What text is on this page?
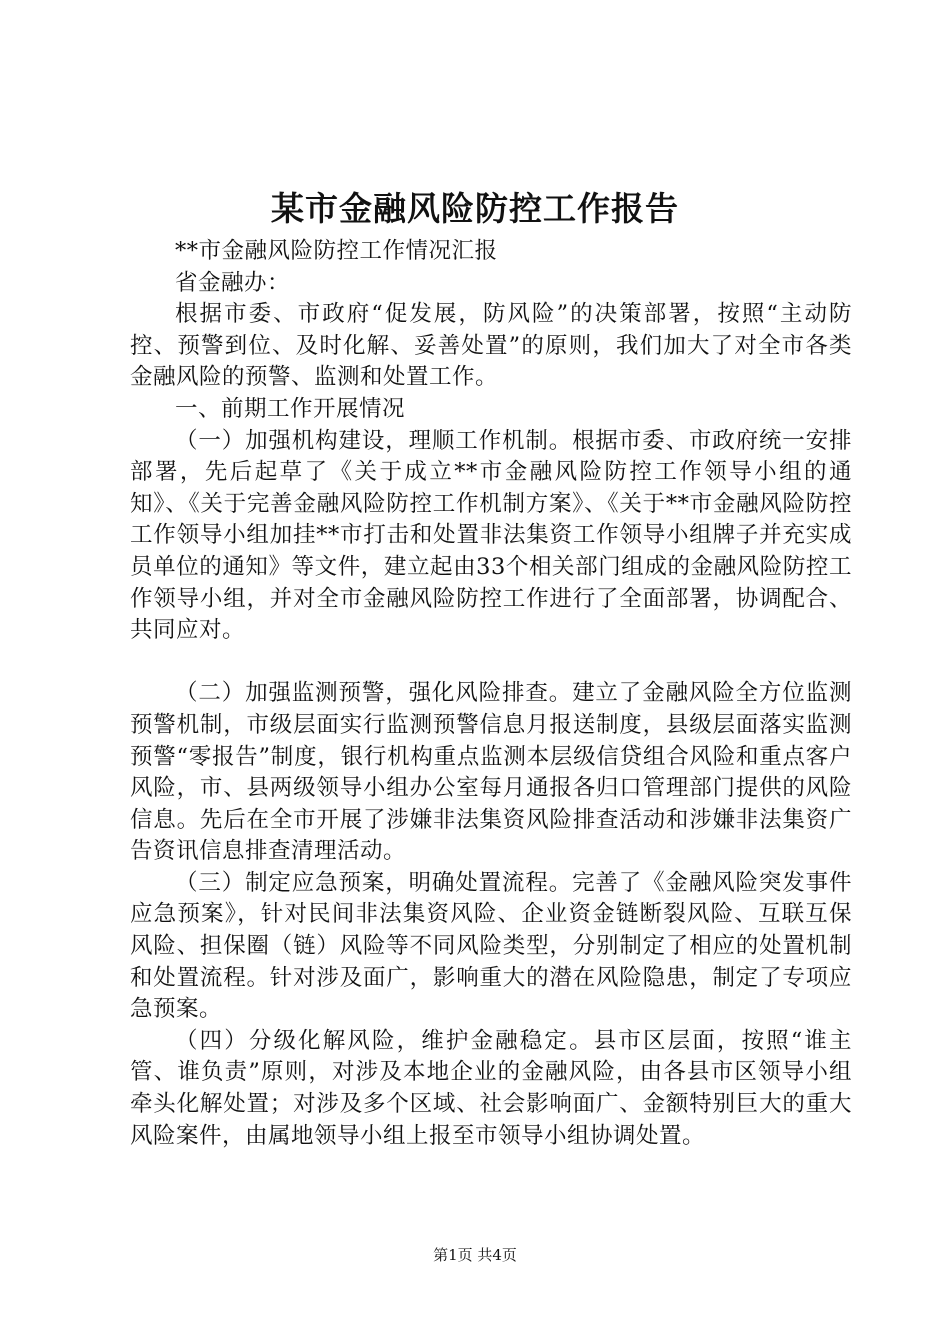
某市金融风险防控工作报告

**市金融风险防控工作情况汇报

省金融办：

根据市委、市政府“促发展，防风险”的决策部署，按照“主动防控、预警到位、及时化解、妥善处置”的原则，我们加大了对全市各类金融风险的预警、监测和处置工作。

一、前期工作开展情况

（一）加强机构建设，理顺工作机制。根据市委、市政府统一安排部署，先后起草了《关于成立**市金融风险防控工作领导小组的通知》、《关于完善金融风险防控工作机制方案》、《关于**市金融风险防控工作领导小组加挂**市打击和处置非法集资工作领导小组牌子并充实成员单位的通知》等文件，建立起由33个相关部门组成的金融风险防控工作领导小组，并对全市金融风险防控工作进行了全面部署，协调配合、共同应对。

（二）加强监测预警，强化风险排查。建立了金融风险全方位监测预警机制，市级层面实行监测预警信息月报送制度，县级层面落实监测预警“零报告”制度，银行机构重点监测本层级信贷组合风险和重点客户风险，市、县两级领导小组办公室每月通报各归口管理部门提供的风险信息。先后在全市开展了涉嫌非法集资风险排查活动和涉嫌非法集资广告资讯信息排查清理活动。

（三）制定应急预案，明确处置流程。完善了《金融风险突发事件应急预案》，针对民间非法集资风险、企业资金链断裂风险、互联互保风险、担保圈（链）风险等不同风险类型，分别制定了相应的处置机制和处置流程。针对涉及面广，影响重大的潜在风险隐患，制定了专项应急预案。

（四）分级化解风险，维护金融稳定。县市区层面，按照“谁主管、谁负责”原则，对涉及本地企业的金融风险，由各县市区领导小组牵头化解处置；对涉及多个区域、社会影响面广、金额特别巨大的重大风险案件，由属地领导小组上报至市领导小组协调处置。

第1页 共4页
